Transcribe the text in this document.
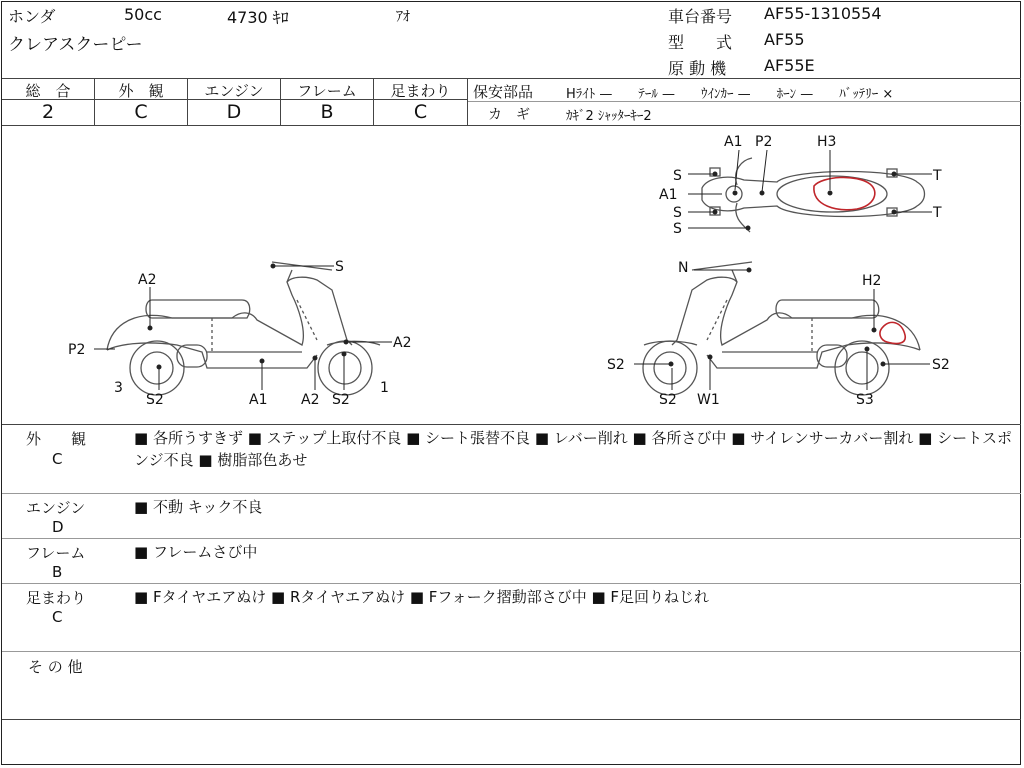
ホンダ	50cc	4730 ｷﾛ	ｱｵ
クレアスクーピー
車台番号 AF55-1310554
型　　式 AF55
原 動 機 AF55E
総　合
2
外　観
C
エンジン
D
フレーム
B
足まわり
C
保安部品	Hﾗｲﾄ —　　ﾃｰﾙ —　　ｳｲﾝｶｰ —　　ﾎｰﾝ —　　ﾊﾞｯﾃﾘｰ ×
カ　ギ	ｶｷﾞ2 ｼｬｯﾀｰｷｰ2
A1 P2	H3
S
A1
S
S
T
T
S
A2
P2	A2
3
S2	A1 A2 S2
1
N
H2
S2	S2
S2 W1	S3
外　　観
C
■ 各所うすきず ■ ステップ上取付不良 ■ シート張替不良 ■ レバー削れ ■ 各所さび中 ■ サイレンサーカバー割れ ■ シートスポンジ不良 ■ 樹脂部色あせ
エンジン
D
■ 不動 キック不良
フレーム
B
■ フレームさび中
足まわり
C
■ Fタイヤエアぬけ ■ Rタイヤエアぬけ ■ Fフォーク摺動部さび中 ■ F足回りねじれ
そ の 他
